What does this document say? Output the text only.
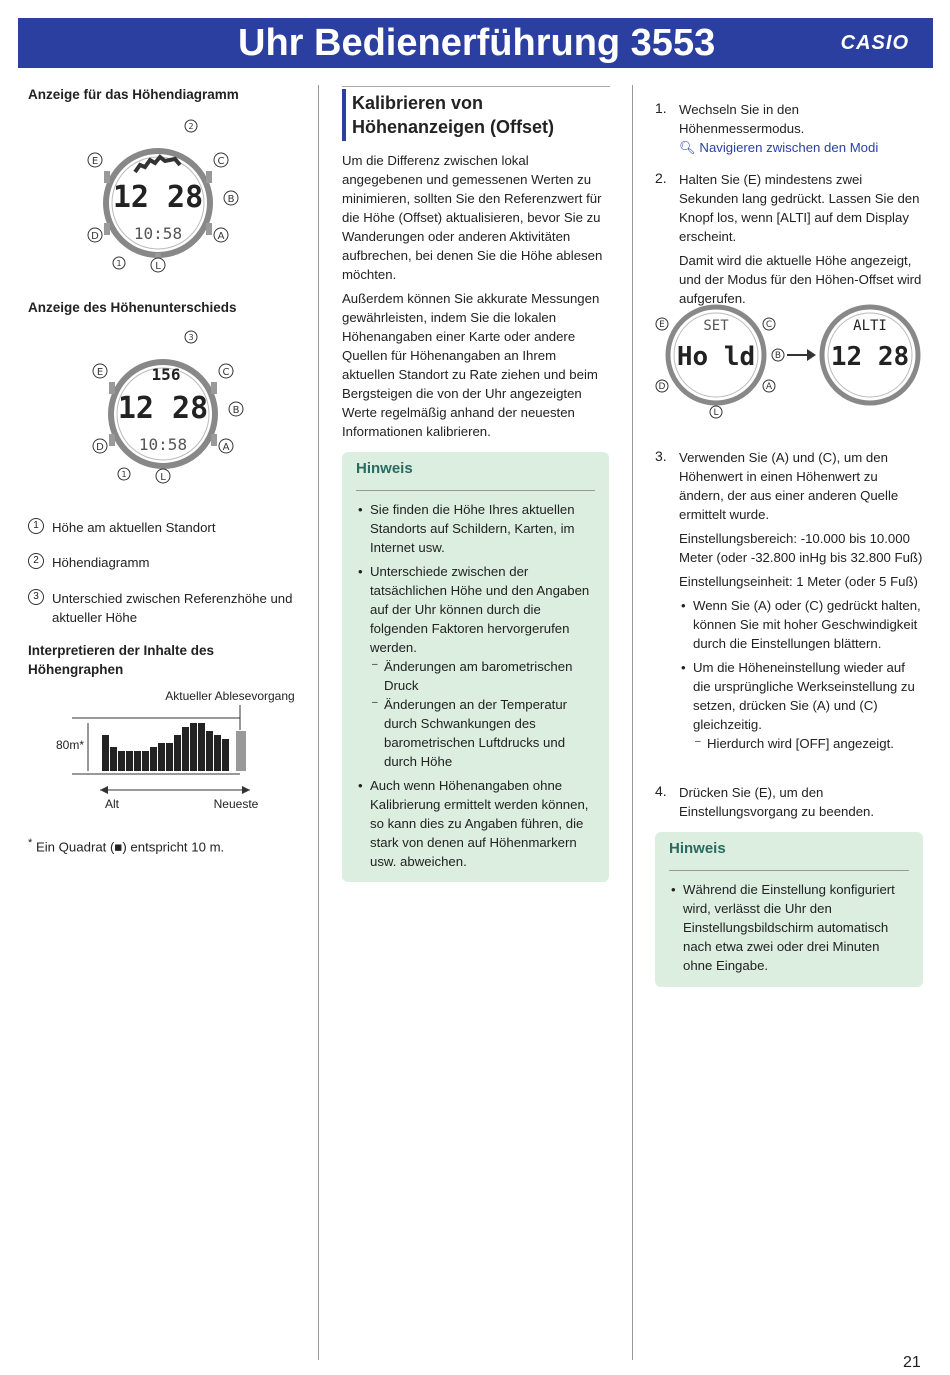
Uhr Bedienerführung 3553	CASIO
Anzeige für das Höhendiagramm
12 28
10:58
E	C
B
D	A
L
1
2
Anzeige des Höhenunterschieds
156
12 28
10:58
E	C
B
D	A
L
1
3
1	Höhe am aktuellen Standort
2	Höhendiagramm
3	Unterschied zwischen Referenzhöhe und aktueller Höhe
Interpretieren der Inhalte des Höhengraphen
Aktueller Ablesevorgang
80m*
Alt	Neueste
* Ein Quadrat (■) entspricht 10 m.
Kalibrieren von Höhenanzeigen (Offset)
Um die Differenz zwischen lokal angegebenen und gemessenen Werten zu minimieren, sollten Sie den Referenzwert für die Höhe (Offset) aktualisieren, bevor Sie zu Wanderungen oder anderen Aktivitäten aufbrechen, bei denen Sie die Höhe ablesen möchten.
Außerdem können Sie akkurate Messungen gewährleisten, indem Sie die lokalen Höhenangaben einer Karte oder andere Quellen für Höhenangaben an Ihrem aktuellen Standort zu Rate ziehen und beim Bergsteigen die von der Uhr angezeigten Werte regelmäßig anhand der neuesten Informationen kalibrieren.
Hinweis

• Sie finden die Höhe Ihres aktuellen Standorts auf Schildern, Karten, im Internet usw.

• Unterschiede zwischen der tatsächlichen Höhe und den Angaben auf der Uhr können durch die folgenden Faktoren hervorgerufen werden.

– Änderungen am barometrischen Druck

– Änderungen an der Temperatur durch Schwankungen des barometrischen Luftdrucks und durch Höhe

• Auch wenn Höhenangaben ohne Kalibrierung ermittelt werden können, so kann dies zu Angaben führen, die stark von denen auf Höhenmarkern usw. abweichen.

1. Wechseln Sie in den Höhenmessermodus.

🔍︎ Navigieren zwischen den Modi

2. Halten Sie (E) mindestens zwei Sekunden lang gedrückt. Lassen Sie den Knopf los, wenn [ALTI] auf dem Display erscheint.

Damit wird die aktuelle Höhe angezeigt, und der Modus für den Höhen-Offset wird aufgerufen.

SET
Ho ld
E	C
B
D	A
L
ALTI
12 28
3. Verwenden Sie (A) und (C), um den Höhenwert in einen Höhenwert zu ändern, der aus einer anderen Quelle ermittelt wurde.

Einstellungsbereich: -10.000 bis 10.000 Meter (oder -32.800 inHg bis 32.800 Fuß)

Einstellungseinheit: 1 Meter (oder 5 Fuß)

• Wenn Sie (A) oder (C) gedrückt halten, können Sie mit hoher Geschwindigkeit durch die Einstellungen blättern.

• Um die Höheneinstellung wieder auf die ursprüngliche Werkseinstellung zu setzen, drücken Sie (A) und (C) gleichzeitig.

– Hierdurch wird [OFF] angezeigt.

4. Drücken Sie (E), um den Einstellungsvorgang zu beenden.

Hinweis

• Während die Einstellung konfiguriert wird, verlässt die Uhr den Einstellungsbildschirm automatisch nach etwa zwei oder drei Minuten ohne Eingabe.

21
